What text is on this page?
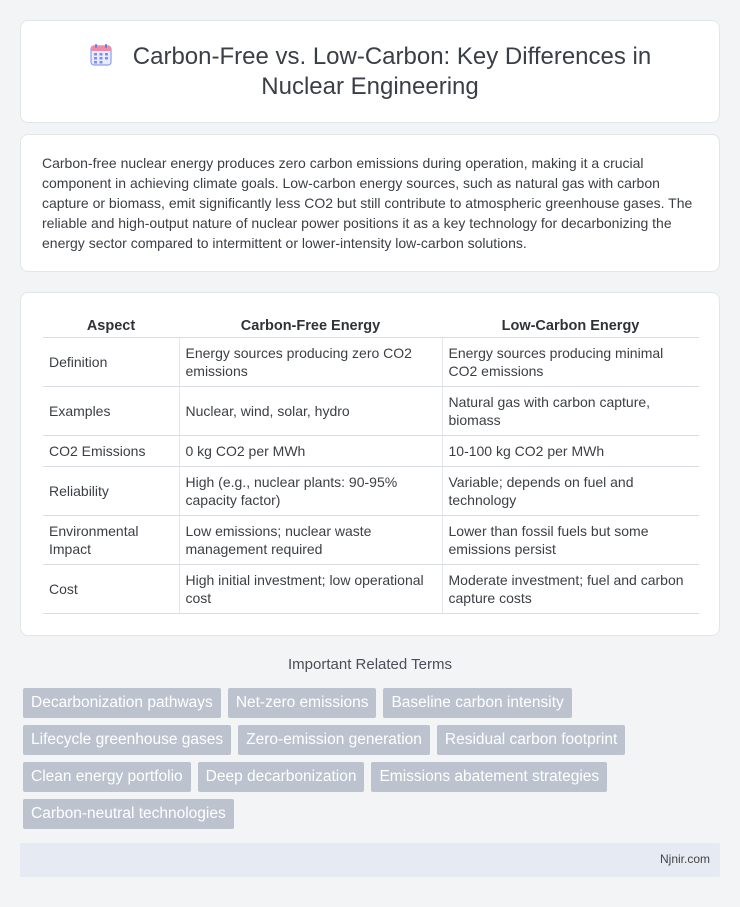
Carbon-Free vs. Low-Carbon: Key Differences in Nuclear Engineering

Carbon-free nuclear energy produces zero carbon emissions during operation, making it a crucial component in achieving climate goals. Low-carbon energy sources, such as natural gas with carbon capture or biomass, emit significantly less CO2 but still contribute to atmospheric greenhouse gases. The reliable and high-output nature of nuclear power positions it as a key technology for decarbonizing the energy sector compared to intermittent or lower-intensity low-carbon solutions.

Aspect	Carbon-Free Energy	Low-Carbon Energy
Definition	Energy sources producing zero CO2 emissions	Energy sources producing minimal CO2 emissions
Examples	Nuclear, wind, solar, hydro	Natural gas with carbon capture, biomass
CO2 Emissions	0 kg CO2 per MWh	10-100 kg CO2 per MWh
Reliability	High (e.g., nuclear plants: 90-95% capacity factor)	Variable; depends on fuel and technology
Environmental Impact	Low emissions; nuclear waste management required	Lower than fossil fuels but some emissions persist
Cost	High initial investment; low operational cost	Moderate investment; fuel and carbon capture costs
Important Related Terms
Decarbonization pathways	Net-zero emissions	Baseline carbon intensity
Lifecycle greenhouse gases	Zero-emission generation	Residual carbon footprint
Clean energy portfolio	Deep decarbonization	Emissions abatement strategies
Carbon-neutral technologies
Njnir.com
